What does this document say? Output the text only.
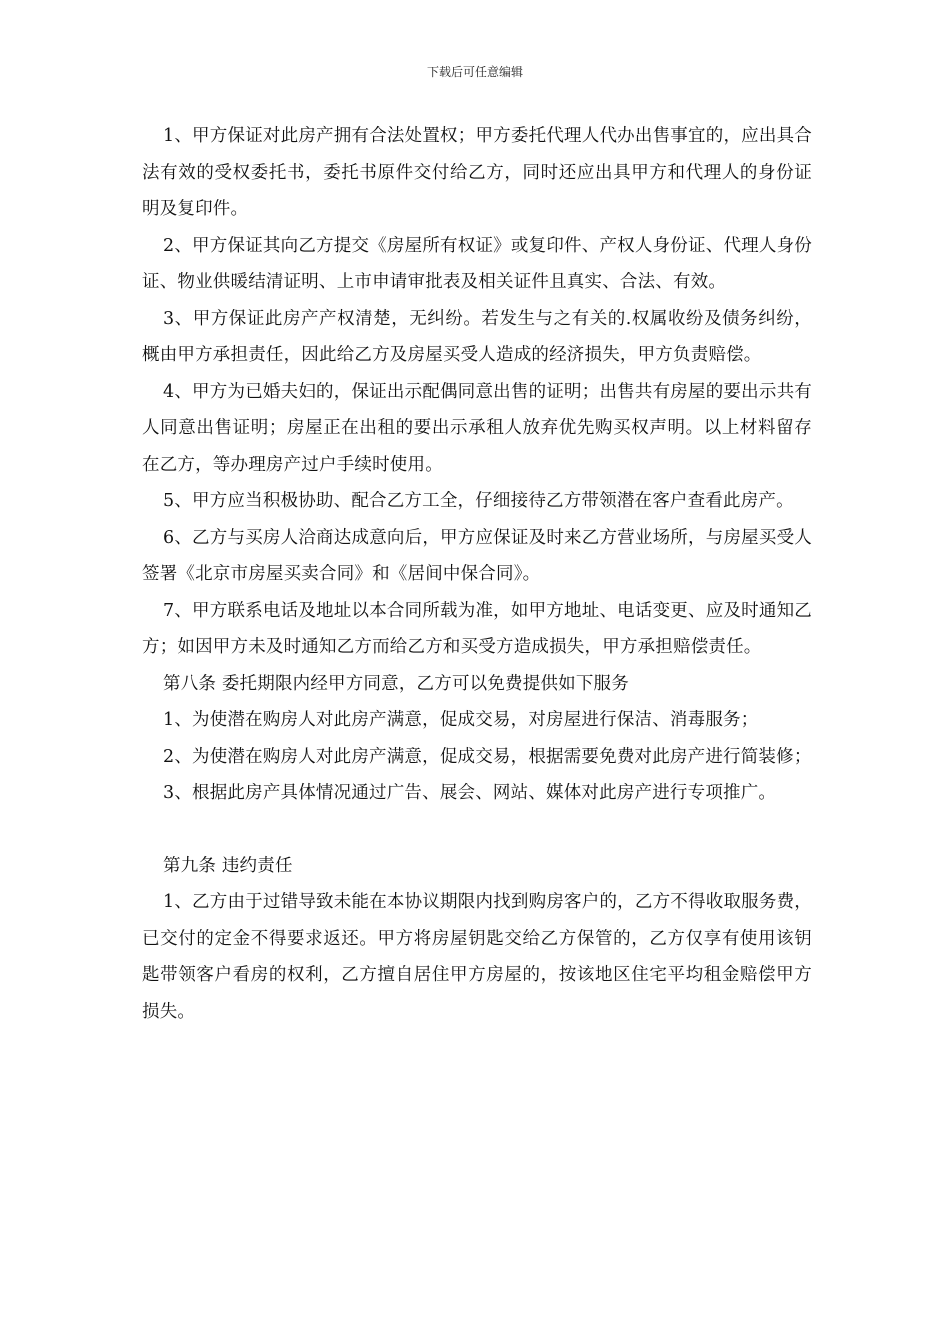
下载后可任意编辑

1、甲方保证对此房产拥有合法处置权；甲方委托代理人代办出售事宜的，应出具合法有效的受权委托书，委托书原件交付给乙方，同时还应出具甲方和代理人的身份证明及复印件。

2、甲方保证其向乙方提交《房屋所有权证》或复印件、产权人身份证、代理人身份证、物业供暖结清证明、上市申请审批表及相关证件且真实、合法、有效。

3、甲方保证此房产产权清楚，无纠纷。若发生与之有关的.权属收纷及债务纠纷，概由甲方承担责任，因此给乙方及房屋买受人造成的经济损失，甲方负责赔偿。

4、甲方为已婚夫妇的，保证出示配偶同意出售的证明；出售共有房屋的要出示共有人同意出售证明；房屋正在出租的要出示承租人放弃优先购买权声明。以上材料留存在乙方，等办理房产过户手续时使用。

5、甲方应当积极协助、配合乙方工全，仔细接待乙方带领潜在客户查看此房产。

6、乙方与买房人洽商达成意向后，甲方应保证及时来乙方营业场所，与房屋买受人签署《北京市房屋买卖合同》和《居间中保合同》。

7、甲方联系电话及地址以本合同所载为准，如甲方地址、电话变更、应及时通知乙方；如因甲方未及时通知乙方而给乙方和买受方造成损失，甲方承担赔偿责任。

第八条 委托期限内经甲方同意，乙方可以免费提供如下服务

1、为使潜在购房人对此房产满意，促成交易，对房屋进行保洁、消毒服务；

2、为使潜在购房人对此房产满意，促成交易，根据需要免费对此房产进行简装修；

3、根据此房产具体情况通过广告、展会、网站、媒体对此房产进行专项推广。

第九条 违约责任

1、乙方由于过错导致未能在本协议期限内找到购房客户的，乙方不得收取服务费，已交付的定金不得要求返还。甲方将房屋钥匙交给乙方保管的，乙方仅享有使用该钥匙带领客户看房的权利，乙方擅自居住甲方房屋的，按该地区住宅平均租金赔偿甲方损失。
